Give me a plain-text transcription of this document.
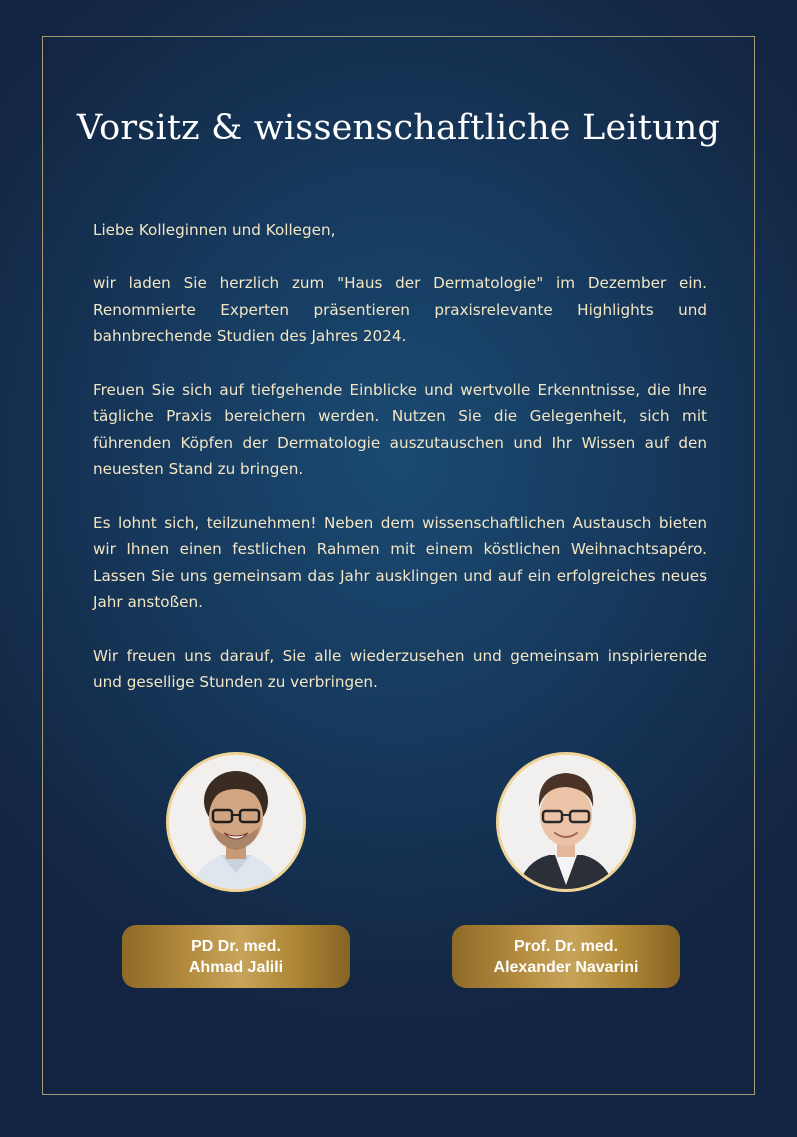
Vorsitz & wissenschaftliche Leitung

Liebe Kolleginnen und Kollegen,

wir laden Sie herzlich zum "Haus der Dermatologie" im Dezember ein. Renommierte Experten präsentieren praxisrelevante Highlights und bahnbrechende Studien des Jahres 2024.

Freuen Sie sich auf tiefgehende Einblicke und wertvolle Erkenntnisse, die Ihre tägliche Praxis bereichern werden. Nutzen Sie die Gelegenheit, sich mit führenden Köpfen der Dermatologie auszutauschen und Ihr Wissen auf den neuesten Stand zu bringen.

Es lohnt sich, teilzunehmen! Neben dem wissenschaftlichen Austausch bieten wir Ihnen einen festlichen Rahmen mit einem köstlichen Weihnachtsapéro. Lassen Sie uns gemeinsam das Jahr ausklingen und auf ein erfolgreiches neues Jahr anstoßen.

Wir freuen uns darauf, Sie alle wiederzusehen und gemeinsam inspirierende und gesellige Stunden zu verbringen.

PD Dr. med.
Ahmad Jalili
Prof. Dr. med.
Alexander Navarini
